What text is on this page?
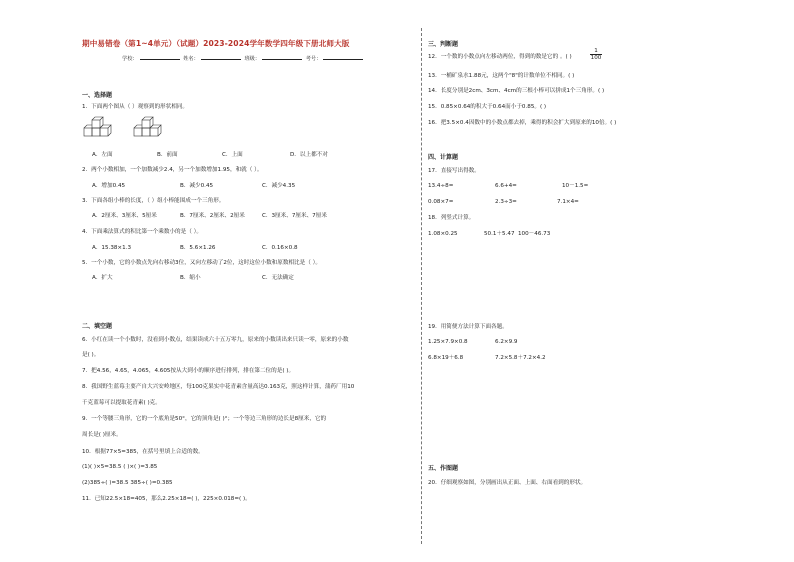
期中易错卷（第1~4单元）（试题）2023-2024学年数学四年级下册北师大版
学校：	姓名：	班级：	考号：
一、选择题
1．下面两个图从（ ）观察到的形状相同。
A．左面	B．前面	C．上面	D．以上都不对
2．两个小数相加，一个加数减少2.4，另一个加数增加1.95，和就（ ）。
A．增加0.45	B．减少0.45	C．减少4.35
3．下面各组小棒的长度，（ ）组小棒能围成一个三角形。
A．2厘米、3厘米、5厘米	B．7厘米、2厘米、2厘米	C．3厘米、7厘米、7厘米
4．下面乘法算式的积比第一个乘数小的是（ ）。
A．15.38×1.3	B．5.6×1.26	C．0.16×0.8
5．一个小数，它的小数点先向右移动3位，又向左移动了2位，这时这位小数和原数相比是（ ）。
A．扩大	B．缩小	C．无法确定
二、填空题
6．小红在读一个小数时，没看到小数点，结果读成六十五万零九，原来的小数读出来只读一零，原来的小数
是( )。
7．把4.56，4.65，4.065，4.605按从大到小的顺序进行排列，排在第二位的是( )。
8．我国野生蓝莓主要产自大兴安岭地区，每100克果实中花青素含量高达0.163克，照这样计算，蒲药厂用10
千克蓝莓可以提取花青素( )克。
9．一个等腰三角形，它的一个底角是50°，它的顶角是( )°；一个等边三角形的边长是8厘米，它的
周长是( )厘米。
10．根据77×5=385，在括号里填上合适的数。
(1)( )×5=38.5 ( )×( )=3.85
(2)385÷( )=38.5 385÷( )=0.385
11．已知22.5×18=405，那么2.25×18=( )，225×0.018=( )。
三、判断题
12．一个数的小数点向左移动两位，得到的数是它的 。( )	$\frac{1}{100}$
13．一桶矿泉水1.88元，这两个"8"的计数单位不相同。( )
14．长度分别是2cm、3cm、4cm的三根小棒可以拼成1个三角形。( )
15．0.85×0.64的积大于0.64而小于0.85。( )
16．把3.5×0.4因数中的小数点都去掉，乘得的积会扩大到原来的10倍。( )
四、计算题
17．直接写出得数。
13.4÷8=	6.6+4=	10－1.5=
0.08×7=	2.3÷3=	7.1×4=
18．列竖式计算。
1.08×0.25	50.1＋5.47 100－46.73
19．用简便方法计算下面各题。
1.25×7.9×0.8	6.2×9.9
6.8×19＋6.8	7.2×5.8＋7.2×4.2
五、作图题
20．仔细观察如图，分别画出从正面、上面、右面看到的形状。
